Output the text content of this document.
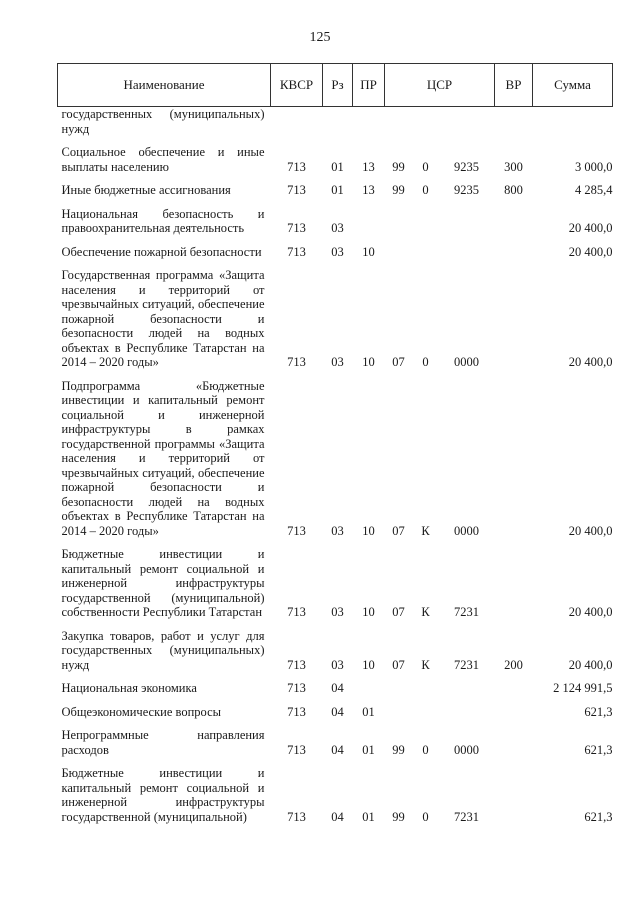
125
Наименование	КВСР	Рз	ПР	ЦСР			ВР	Сумма
государственных (муниципальных) нужд								
Социальное обеспечение и иные выплаты населению	713	01	13	99	0	9235	300	3 000,0
Иные бюджетные ассигнования	713	01	13	99	0	9235	800	4 285,4
Национальная безопасность и правоохранительная деятельность	713	03						20 400,0
Обеспечение пожарной безопасности	713	03	10					20 400,0
Государственная программа «Защита населения и территорий от чрезвычайных ситуаций, обеспечение пожарной безопасности и безопасности людей на водных объектах в Республике Татарстан на 2014 – 2020 годы»	713	03	10	07	0	0000		20 400,0
Подпрограмма «Бюджетные инвестиции и капитальный ремонт социальной и инженерной инфраструктуры в рамках государственной программы «Защита населения и территорий от чрезвычайных ситуаций, обеспечение пожарной безопасности и безопасности людей на водных объектах в Республике Татарстан на 2014 – 2020 годы»	713	03	10	07	К	0000		20 400,0
Бюджетные инвестиции и капитальный ремонт социальной и инженерной инфраструктуры государственной (муниципальной) собственности Республики Татарстан	713	03	10	07	К	7231		20 400,0
Закупка товаров, работ и услуг для государственных (муниципальных) нужд	713	03	10	07	К	7231	200	20 400,0
Национальная экономика	713	04						2 124 991,5
Общеэкономические вопросы	713	04	01					621,3
Непрограммные направления расходов	713	04	01	99	0	0000		621,3
Бюджетные инвестиции и капитальный ремонт социальной и инженерной инфраструктуры государственной (муниципальной)	713	04	01	99	0	7231		621,3
